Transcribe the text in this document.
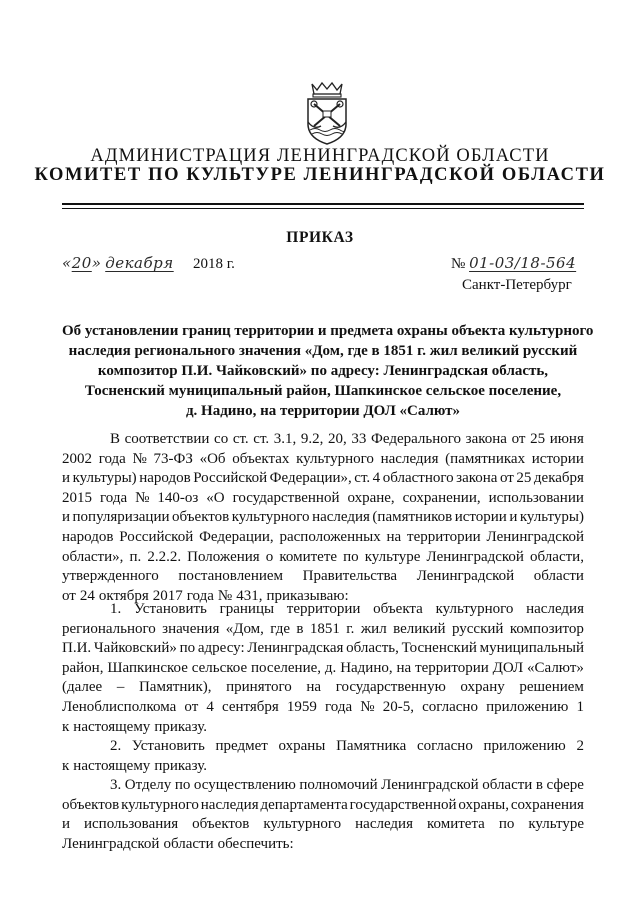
АДМИНИСТРАЦИЯ ЛЕНИНГРАДСКОЙ ОБЛАСТИ
КОМИТЕТ ПО КУЛЬТУРЕ ЛЕНИНГРАДСКОЙ ОБЛАСТИ
ПРИКАЗ
«20» декабря 2018 г.	№ 01-03/18-564
Санкт-Петербург
Об установлении границ территории и предмета охраны объекта культурного
наследия регионального значения «Дом, где в 1851 г. жил великий русский
композитор П.И. Чайковский» по адресу: Ленинградская область,
Тосненский муниципальный район, Шапкинское сельское поселение,
д. Надино, на территории ДОЛ «Салют»
В соответствии со ст. ст. 3.1, 9.2, 20, 33 Федерального закона от 25 июня
2002 года № 73-ФЗ «Об объектах культурного наследия (памятниках истории
и культуры) народов Российской Федерации», ст. 4 областного закона от 25 декабря
2015 года № 140-оз «О государственной охране, сохранении, использовании
и популяризации объектов культурного наследия (памятников истории и культуры)
народов Российской Федерации, расположенных на территории Ленинградской
области», п. 2.2.2. Положения о комитете по культуре Ленинградской области,
утвержденного постановлением Правительства Ленинградской области
от 24 октября 2017 года № 431, приказываю:
1. Установить границы территории объекта культурного наследия
регионального значения «Дом, где в 1851 г. жил великий русский композитор
П.И. Чайковский» по адресу: Ленинградская область, Тосненский муниципальный
район, Шапкинское сельское поселение, д. Надино, на территории ДОЛ «Салют»
(далее – Памятник), принятого на государственную охрану решением
Ленoблисполкома от 4 сентября 1959 года № 20-5, согласно приложению 1
к настоящему приказу.
2. Установить предмет охраны Памятника согласно приложению 2
к настоящему приказу.
3. Отделу по осуществлению полномочий Ленинградской области в сфере
объектов культурного наследия департамента государственной охраны, сохранения
и использования объектов культурного наследия комитета по культуре
Ленинградской области обеспечить:
